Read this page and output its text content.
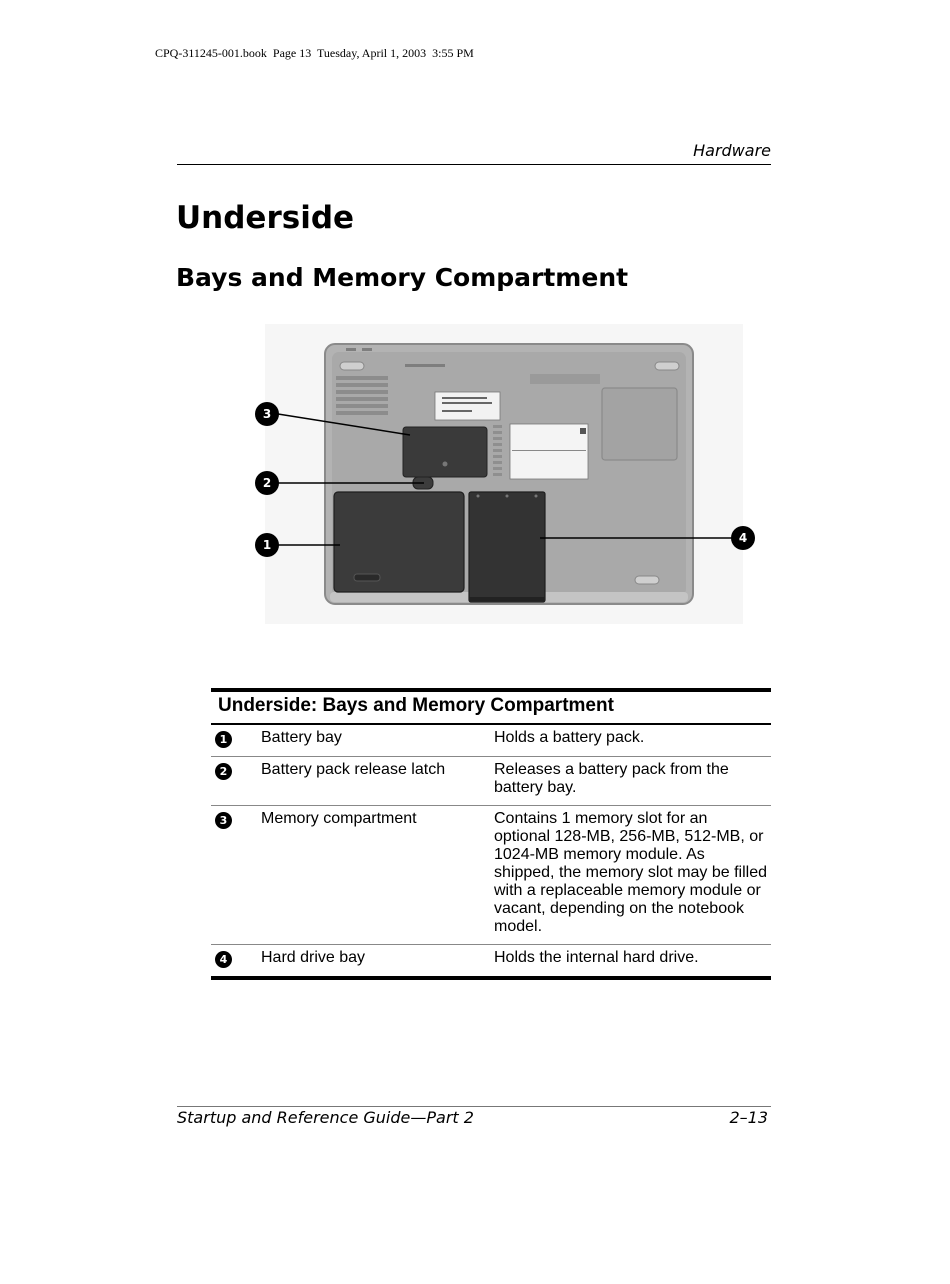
CPQ-311245-001.book  Page 13  Tuesday, April 1, 2003  3:55 PM
Hardware
Underside
Bays and Memory Compartment
3
2
1	4
Underside: Bays and Memory Compartment		
1	Battery bay	Holds a battery pack.
2	Battery pack release latch	Releases a battery pack from the battery bay.
3	Memory compartment	Contains 1 memory slot for an optional 128-MB, 256-MB, 512-MB, or 1024-MB memory module. As shipped, the memory slot may be filled with a replaceable memory module or vacant, depending on the notebook model.
4	Hard drive bay	Holds the internal hard drive.
Startup and Reference Guide—Part 2	2–13
